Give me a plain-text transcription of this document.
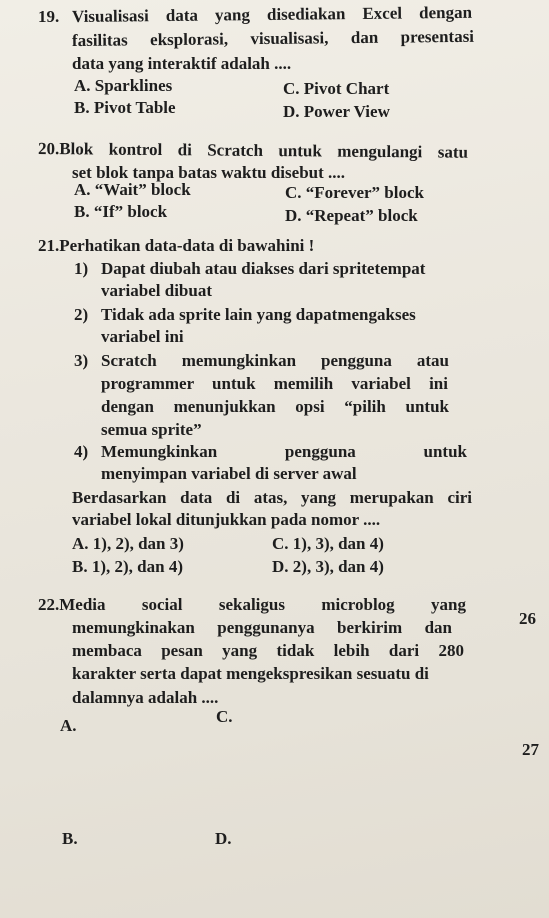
19. Visualisasi data yang disediakan Excel dengan
fasilitas eksplorasi, visualisasi, dan presentasi
data yang interaktif adalah ....
A. Sparklines	C. Pivot Chart
B. Pivot Table	D. Power View
20.Blok kontrol di Scratch untuk mengulangi satu
set blok tanpa batas waktu disebut ....
A. “Wait” block	C. “Forever” block
B. “If” block	D. “Repeat” block
21.Perhatikan data-data di bawahini !
1) Dapat diubah atau diakses dari spritetempat
variabel dibuat
2) Tidak ada sprite lain yang dapatmengakses
variabel ini
3) Scratch memungkinkan pengguna atau
programmer untuk memilih variabel ini
dengan menunjukkan opsi “pilih untuk
semua sprite”
4) Memungkinkan pengguna untuk
menyimpan variabel di server awal
Berdasarkan data di atas, yang merupakan ciri
variabel lokal ditunjukkan pada nomor ....
A. 1), 2), dan 3)	C. 1), 3), dan 4)
B. 1), 2), dan 4)	D. 2), 3), dan 4)
22.Media social sekaligus microblog yang
memungkinakan penggunanya berkirim dan
membaca pesan yang tidak lebih dari 280
karakter serta dapat mengekspresikan sesuatu di
dalamnya adalah ....
A.	C.
B.	D.
26
27
